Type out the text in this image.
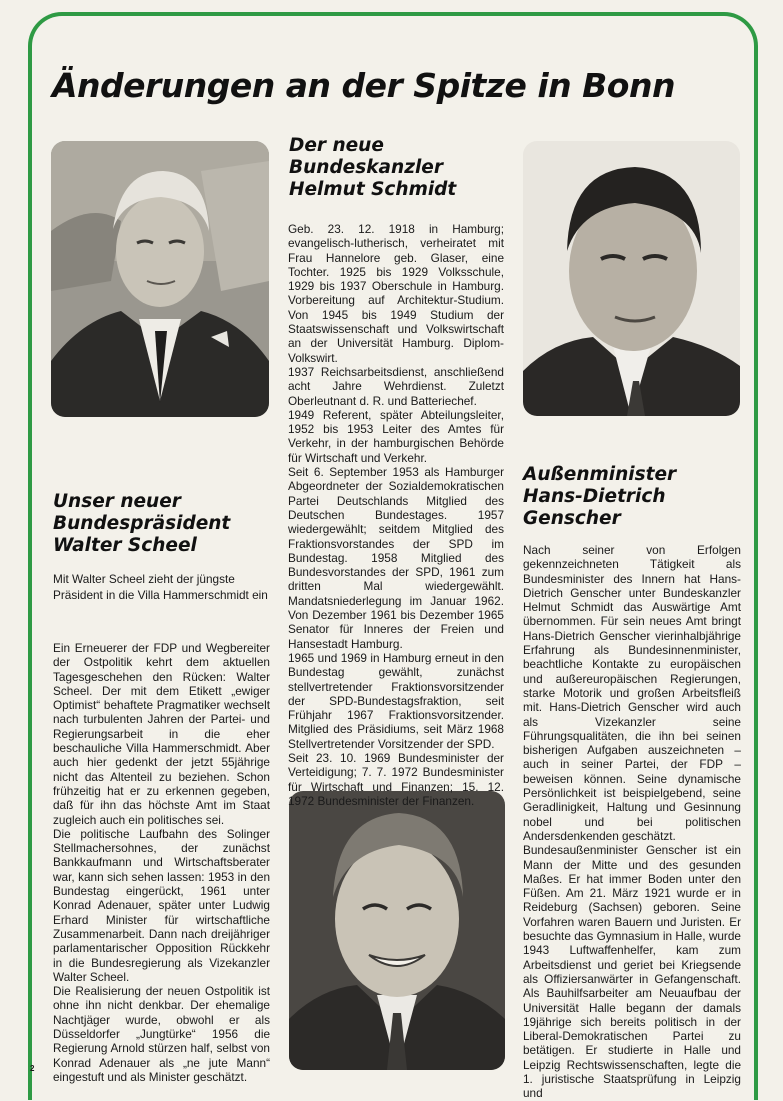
Änderungen an der Spitze in Bonn
Unser neuer
Bundespräsident
Walter Scheel

Mit Walter Scheel zieht der jüngste Präsident in die Villa Hammerschmidt ein

Ein Erneuerer der FDP und Wegbereiter der Ostpolitik kehrt dem aktuellen Tagesgeschehen den Rücken: Walter Scheel. Der mit dem Etikett „ewiger Optimist“ behaftete Pragmatiker wechselt nach turbulenten Jahren der Partei- und Regierungsarbeit in die eher beschauliche Villa Hammerschmidt. Aber auch hier gedenkt der jetzt 55jährige nicht das Altenteil zu beziehen. Schon frühzeitig hat er zu erkennen gegeben, daß für ihn das höchste Amt im Staat zugleich auch ein politisches sei.

Die politische Laufbahn des Solinger Stellmachersohnes, der zunächst Bankkaufmann und Wirtschaftsberater war, kann sich sehen lassen: 1953 in den Bundestag eingerückt, 1961 unter Konrad Adenauer, später unter Ludwig Erhard Minister für wirtschaftliche Zusammenarbeit. Dann nach dreijähriger parlamentarischer Opposition Rückkehr in die Bundesregierung als Vizekanzler Walter Scheel.

Die Realisierung der neuen Ostpolitik ist ohne ihn nicht denkbar. Der ehemalige Nachtjäger wurde, obwohl er als Düsseldorfer „Jungtürke“ 1956 die Regierung Arnold stürzen half, selbst von Konrad Adenauer als „ne jute Mann“ eingestuft und als Minister geschätzt.

Der neue
Bundeskanzler
Helmut Schmidt

Geb. 23. 12. 1918 in Hamburg; evangelisch-lutherisch, verheiratet mit Frau Hannelore geb. Glaser, eine Tochter. 1925 bis 1929 Volksschule, 1929 bis 1937 Oberschule in Hamburg. Vorbereitung auf Architektur-Studium. Von 1945 bis 1949 Studium der Staatswissenschaft und Volkswirtschaft an der Universität Hamburg. Diplom-Volkswirt.

1937 Reichsarbeitsdienst, anschließend acht Jahre Wehrdienst. Zuletzt Oberleutnant d. R. und Batteriechef.

1949 Referent, später Abteilungsleiter, 1952 bis 1953 Leiter des Amtes für Verkehr, in der hamburgischen Behörde für Wirtschaft und Verkehr.

Seit 6. September 1953 als Hamburger Abgeordneter der Sozialdemokratischen Partei Deutschlands Mitglied des Deutschen Bundestages. 1957 wiedergewählt; seitdem Mitglied des Fraktionsvorstandes der SPD im Bundestag. 1958 Mitglied des Bundesvorstandes der SPD, 1961 zum dritten Mal wiedergewählt. Mandatsniederlegung im Januar 1962. Von Dezember 1961 bis Dezember 1965 Senator für Inneres der Freien und Hansestadt Hamburg.

1965 und 1969 in Hamburg erneut in den Bundestag gewählt, zunächst stellvertretender Fraktionsvorsitzender der SPD-Bundestagsfraktion, seit Frühjahr 1967 Fraktionsvorsitzender. Mitglied des Präsidiums, seit März 1968 Stellvertretender Vorsitzender der SPD.

Seit 23. 10. 1969 Bundesminister der Verteidigung; 7. 7. 1972 Bundesminister für Wirtschaft und Finanzen; 15. 12. 1972 Bundesminister der Finanzen.

Außenminister
Hans-Dietrich
Genscher

Nach seiner von Erfolgen gekennzeichneten Tätigkeit als Bundesminister des Innern hat Hans-Dietrich Genscher unter Bundeskanzler Helmut Schmidt das Auswärtige Amt übernommen. Für sein neues Amt bringt Hans-Dietrich Genscher vierinhalbjährige Erfahrung als Bundesinnenminister, beachtliche Kontakte zu europäischen und außereuropäischen Regierungen, starke Motorik und großen Arbeitsfleiß mit. Hans-Dietrich Genscher wird auch als Vizekanzler seine Führungsqualitäten, die ihn bei seinen bisherigen Aufgaben auszeichneten – auch in seiner Partei, der FDP – beweisen können. Seine dynamische Persönlichkeit ist beispielgebend, seine Geradlinigkeit, Haltung und Gesinnung nobel und bei politischen Andersdenkenden geschätzt.

Bundesaußenminister Genscher ist ein Mann der Mitte und des gesunden Maßes. Er hat immer Boden unter den Füßen. Am 21. März 1921 wurde er in Reideburg (Sachsen) geboren. Seine Vorfahren waren Bauern und Juristen. Er besuchte das Gymnasium in Halle, wurde 1943 Luftwaffenhelfer, kam zum Arbeitsdienst und geriet bei Kriegsende als Offiziersanwärter in Gefangenschaft. Als Bauhilfsarbeiter am Neuaufbau der Universität Halle begann der damals 19jährige sich bereits politisch in der Liberal-Demokratischen Partei zu betätigen. Er studierte in Halle und Leipzig Rechtswissenschaften, legte die 1. juristische Staatsprüfung in Leipzig und

2
